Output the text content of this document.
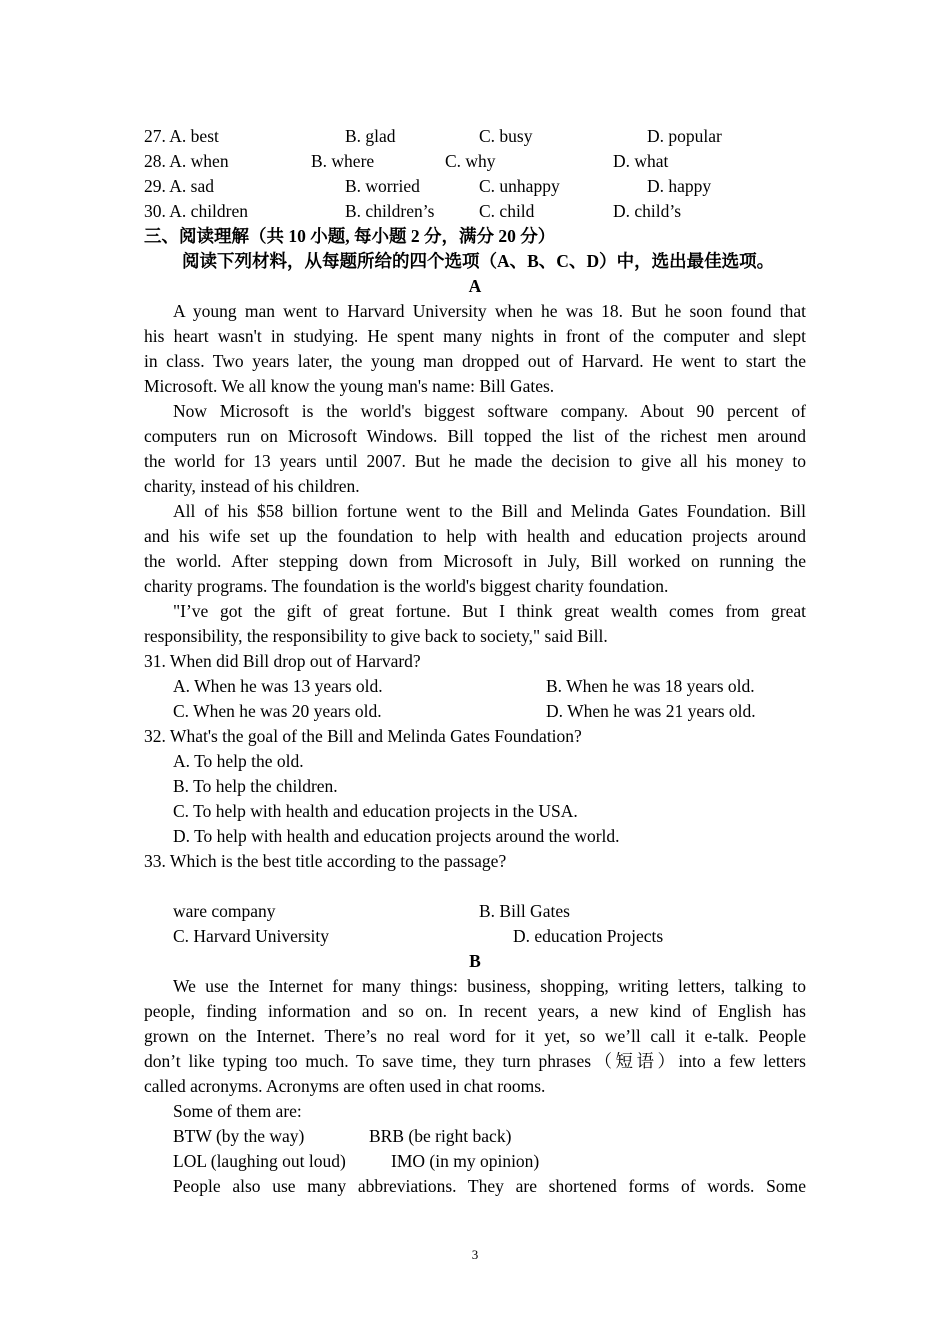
27. A. best	B. glad	C. busy	D. popular
28. A. when	B. where	C. why	D. what
29. A. sad	B. worried	C. unhappy	D. happy
30. A. children	B. children’s	C. child	D. child’s
三、阅读理解（共 10 小题, 每小题 2 分，满分 20 分）
阅读下列材料，从每题所给的四个选项（A、B、C、D）中，选出最佳选项。
A
A young man went to Harvard University when he was 18. But he soon found that
his heart wasn't in studying. He spent many nights in front of the computer and slept
in class. Two years later, the young man dropped out of Harvard. He went to start the
Microsoft. We all know the young man's name: Bill Gates.
Now Microsoft is the world's biggest software company. About 90 percent of
computers run on Microsoft Windows. Bill topped the list of the richest men around
the world for 13 years until 2007. But he made the decision to give all his money to
charity, instead of his children.
All of his $58 billion fortune went to the Bill and Melinda Gates Foundation. Bill
and his wife set up the foundation to help with health and education projects around
the world. After stepping down from Microsoft in July, Bill worked on running the
charity programs. The foundation is the world's biggest charity foundation.
"I’ve got the gift of great fortune. But I think great wealth comes from great
responsibility, the responsibility to give back to society," said Bill.
31. When did Bill drop out of Harvard?
A. When he was 13 years old.	B. When he was 18 years old.
C. When he was 20 years old.	D. When he was 21 years old.
32. What's the goal of the Bill and Melinda Gates Foundation?
A. To help the old.
B. To help the children.
C. To help with health and education projects in the USA.
D. To help with health and education projects around the world.
33. Which is the best title according to the passage?
ware company	B. Bill Gates
C. Harvard University	D. education Projects
B
We use the Internet for many things: business, shopping, writing letters, talking to
people, finding information and so on. In recent years, a new kind of English has
grown on the Internet. There’s no real word for it yet, so we’ll call it e-talk. People
don’t like typing too much. To save time, they turn phrases（短语）into a few letters
called acronyms. Acronyms are often used in chat rooms.
Some of them are:
BTW (by the way)	BRB (be right back)
LOL (laughing out loud)	IMO (in my opinion)
People also use many abbreviations. They are shortened forms of words. Some
3
